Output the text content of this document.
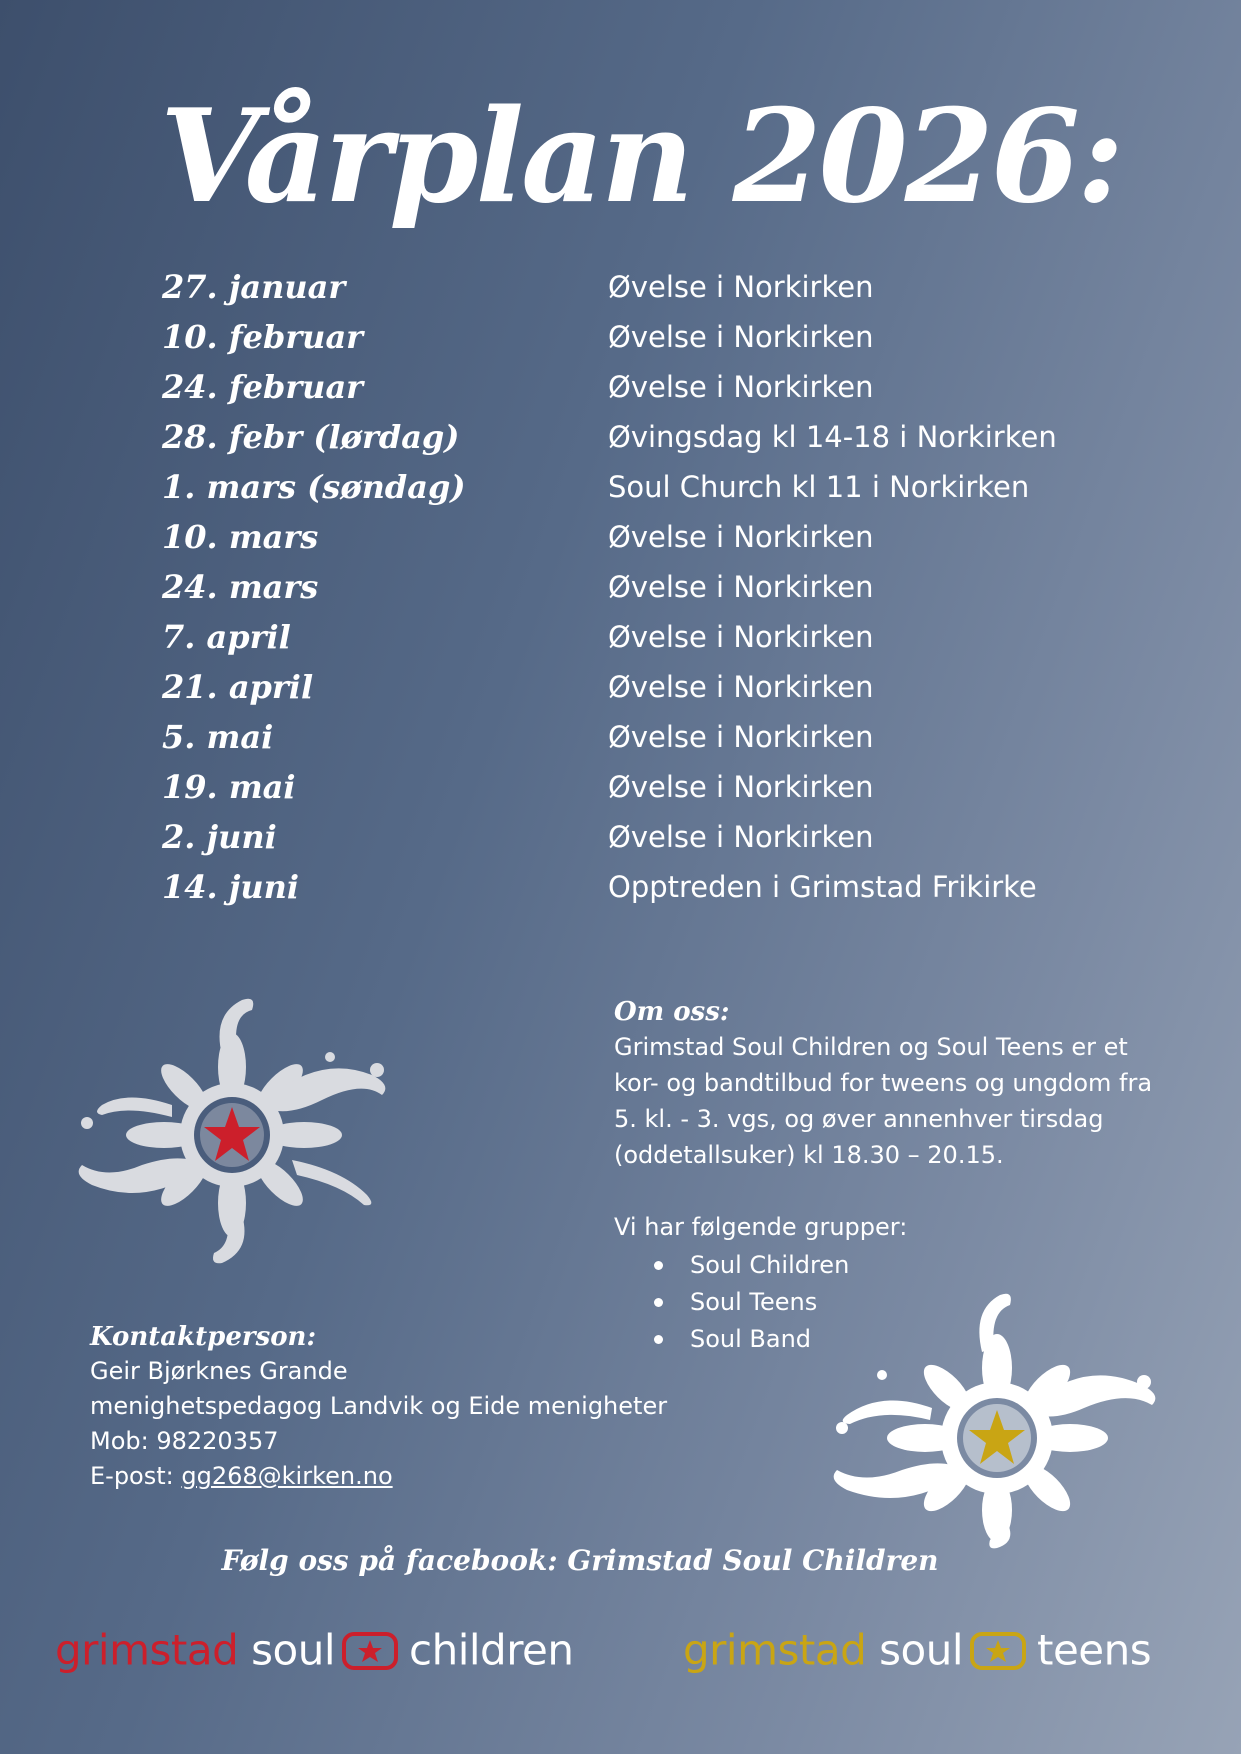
Vårplan 2026:
27. januar	Øvelse i Norkirken
10. februar	Øvelse i Norkirken
24. februar	Øvelse i Norkirken
28. febr (lørdag)	Øvingsdag kl 14-18 i Norkirken
1. mars (søndag)	Soul Church kl 11 i Norkirken
10. mars	Øvelse i Norkirken
24. mars	Øvelse i Norkirken
7. april	Øvelse i Norkirken
21. april	Øvelse i Norkirken
5. mai	Øvelse i Norkirken
19. mai	Øvelse i Norkirken
2. juni	Øvelse i Norkirken
14. juni	Opptreden i Grimstad Frikirke
Om oss:

Grimstad Soul Children og Soul Teens er et kor- og bandtilbud for tweens og ungdom fra 5. kl. - 3. vgs, og øver annenhver tirsdag (oddetallsuker) kl 18.30 – 20.15.

Vi har følgende grupper:
Soul Children
Soul Teens
Soul Band
Kontaktperson:
Geir Bjørknes Grande
menighetspedagog Landvik og Eide menigheter
Mob: 98220357
E-post: gg268@kirken.no
Følg oss på facebook: Grimstad Soul Children
grimstad soul children	grimstad soul teens
